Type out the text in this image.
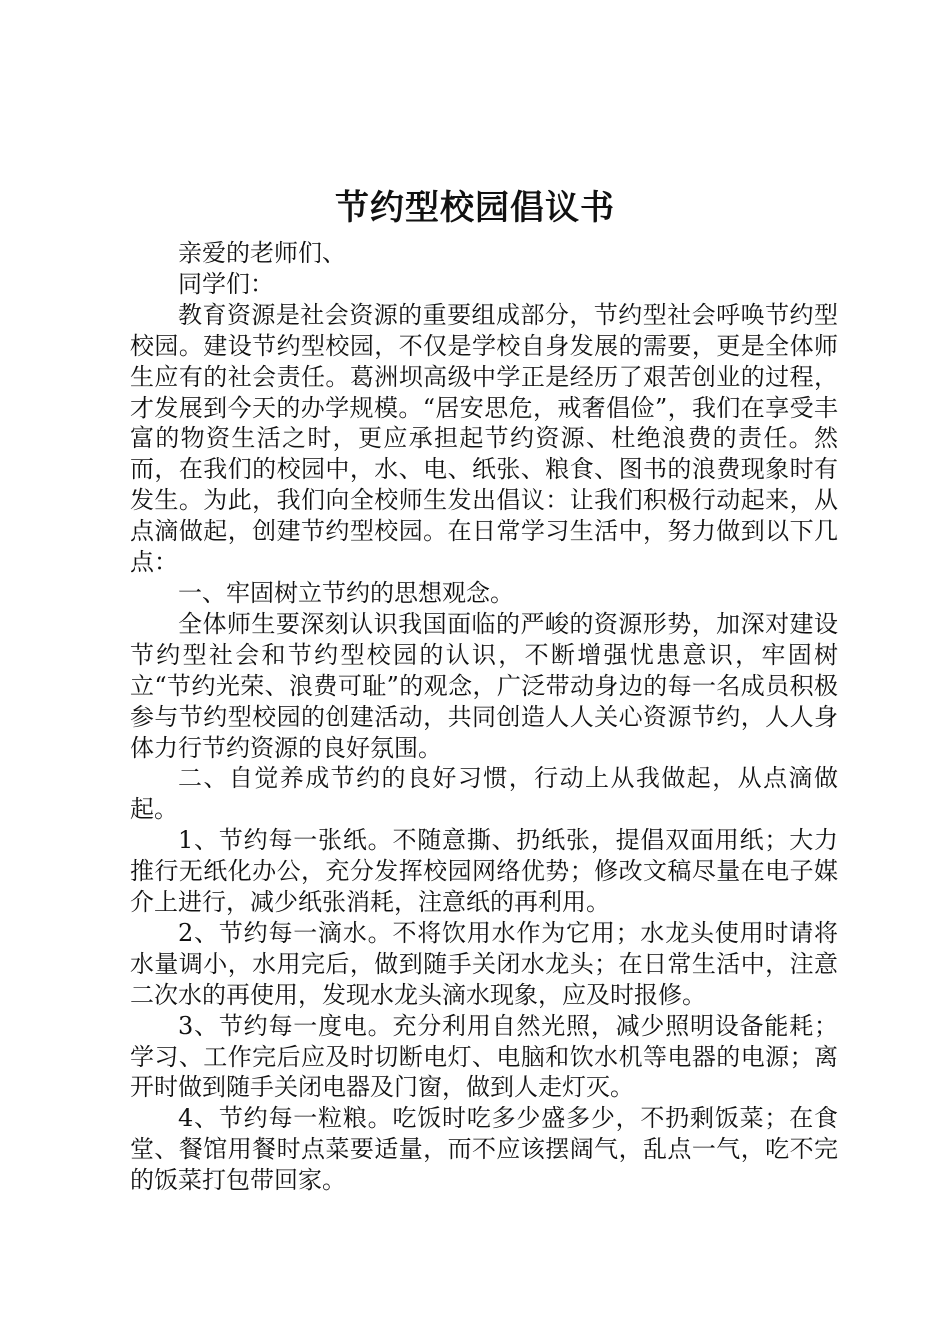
节约型校园倡议书

亲爱的老师们、

同学们：

教育资源是社会资源的重要组成部分，节约型社会呼唤节约型校园。建设节约型校园，不仅是学校自身发展的需要，更是全体师生应有的社会责任。葛洲坝高级中学正是经历了艰苦创业的过程，才发展到今天的办学规模。“居安思危，戒奢倡俭”，我们在享受丰富的物资生活之时，更应承担起节约资源、杜绝浪费的责任。然而，在我们的校园中，水、电、纸张、粮食、图书的浪费现象时有发生。为此，我们向全校师生发出倡议：让我们积极行动起来，从点滴做起，创建节约型校园。在日常学习生活中，努力做到以下几点：

一、牢固树立节约的思想观念。

全体师生要深刻认识我国面临的严峻的资源形势，加深对建设节约型社会和节约型校园的认识，不断增强忧患意识，牢固树立“节约光荣、浪费可耻”的观念，广泛带动身边的每一名成员积极参与节约型校园的创建活动，共同创造人人关心资源节约，人人身体力行节约资源的良好氛围。

二、自觉养成节约的良好习惯，行动上从我做起，从点滴做起。

1、节约每一张纸。不随意撕、扔纸张，提倡双面用纸；大力推行无纸化办公，充分发挥校园网络优势；修改文稿尽量在电子媒介上进行，减少纸张消耗，注意纸的再利用。

2、节约每一滴水。不将饮用水作为它用；水龙头使用时请将水量调小，水用完后，做到随手关闭水龙头；在日常生活中，注意二次水的再使用，发现水龙头滴水现象，应及时报修。

3、节约每一度电。充分利用自然光照，减少照明设备能耗；学习、工作完后应及时切断电灯、电脑和饮水机等电器的电源；离开时做到随手关闭电器及门窗，做到人走灯灭。

4、节约每一粒粮。吃饭时吃多少盛多少，不扔剩饭菜；在食堂、餐馆用餐时点菜要适量，而不应该摆阔气，乱点一气，吃不完的饭菜打包带回家。
